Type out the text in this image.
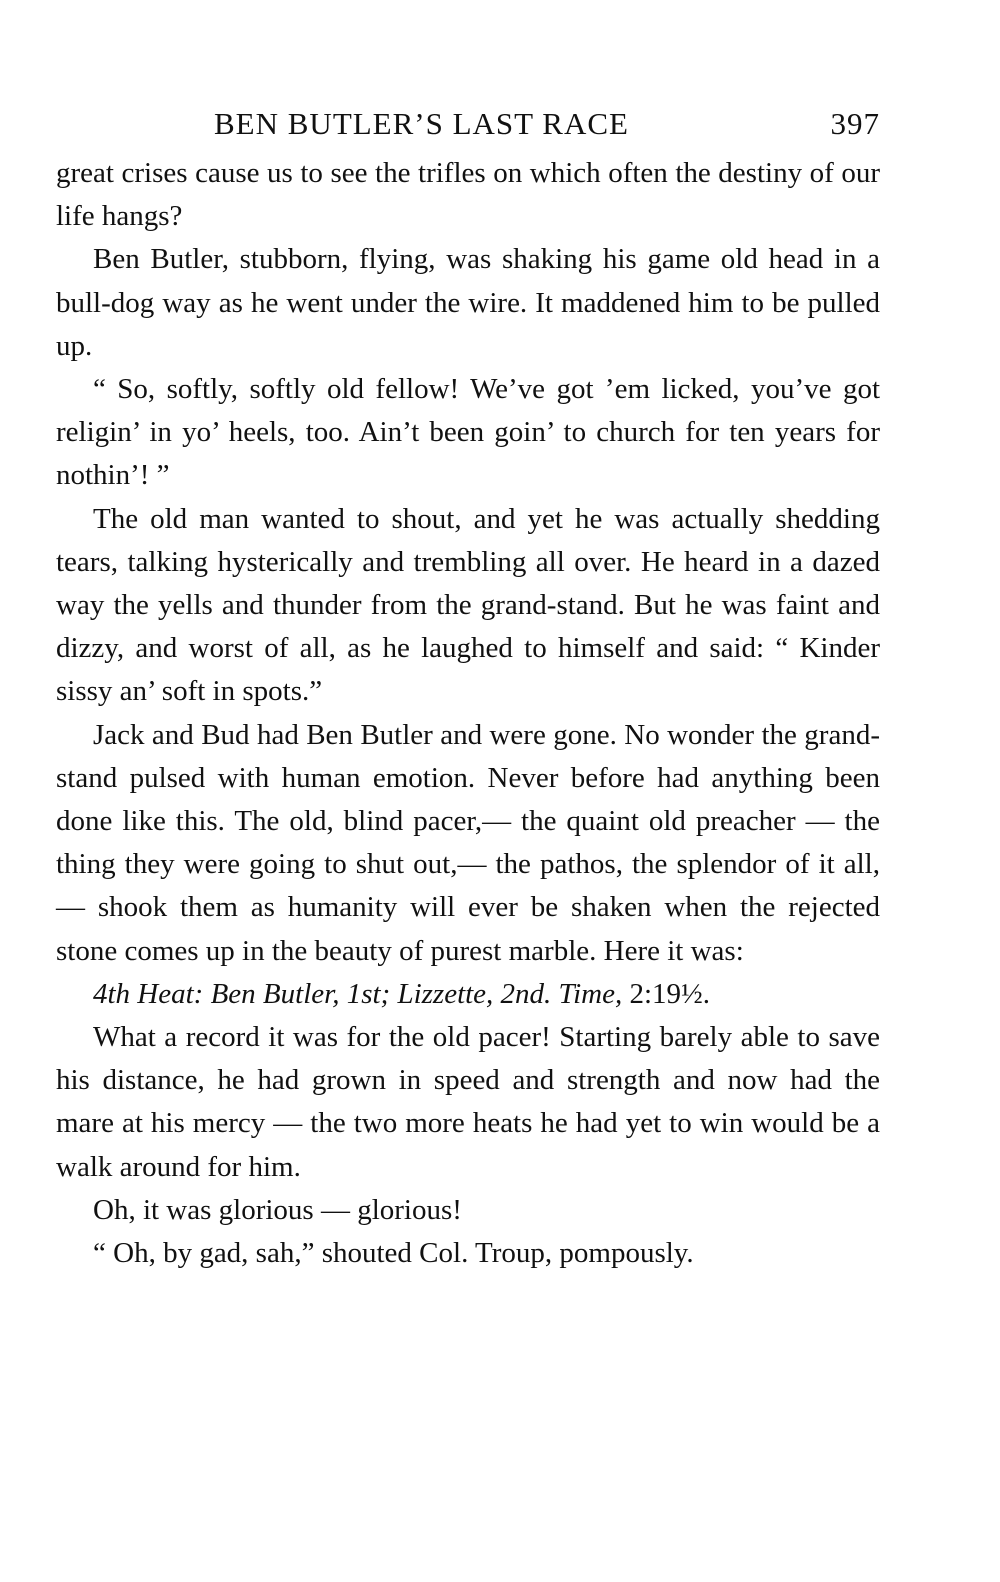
BEN BUTLER’S LAST RACE	397

great crises cause us to see the trifles on which often the destiny of our life hangs?

Ben Butler, stubborn, flying, was shaking his game old head in a bull-dog way as he went under the wire. It maddened him to be pulled up.

“ So, softly, softly old fellow! We’ve got ’em licked, you’ve got religin’ in yo’ heels, too. Ain’t been goin’ to church for ten years for nothin’! ”

The old man wanted to shout, and yet he was actually shedding tears, talking hysterically and trembling all over. He heard in a dazed way the yells and thunder from the grand-stand. But he was faint and dizzy, and worst of all, as he laughed to himself and said: “ Kinder sissy an’ soft in spots.”

Jack and Bud had Ben Butler and were gone. No wonder the grand-stand pulsed with human emotion. Never before had anything been done like this. The old, blind pacer,— the quaint old preacher — the thing they were going to shut out,— the pathos, the splendor of it all,— shook them as humanity will ever be shaken when the rejected stone comes up in the beauty of purest marble. Here it was:

4th Heat: Ben Butler, 1st; Lizzette, 2nd. Time, 2:19½.

What a record it was for the old pacer! Starting barely able to save his distance, he had grown in speed and strength and now had the mare at his mercy — the two more heats he had yet to win would be a walk around for him.

Oh, it was glorious — glorious!

“ Oh, by gad, sah,” shouted Col. Troup, pompously.
